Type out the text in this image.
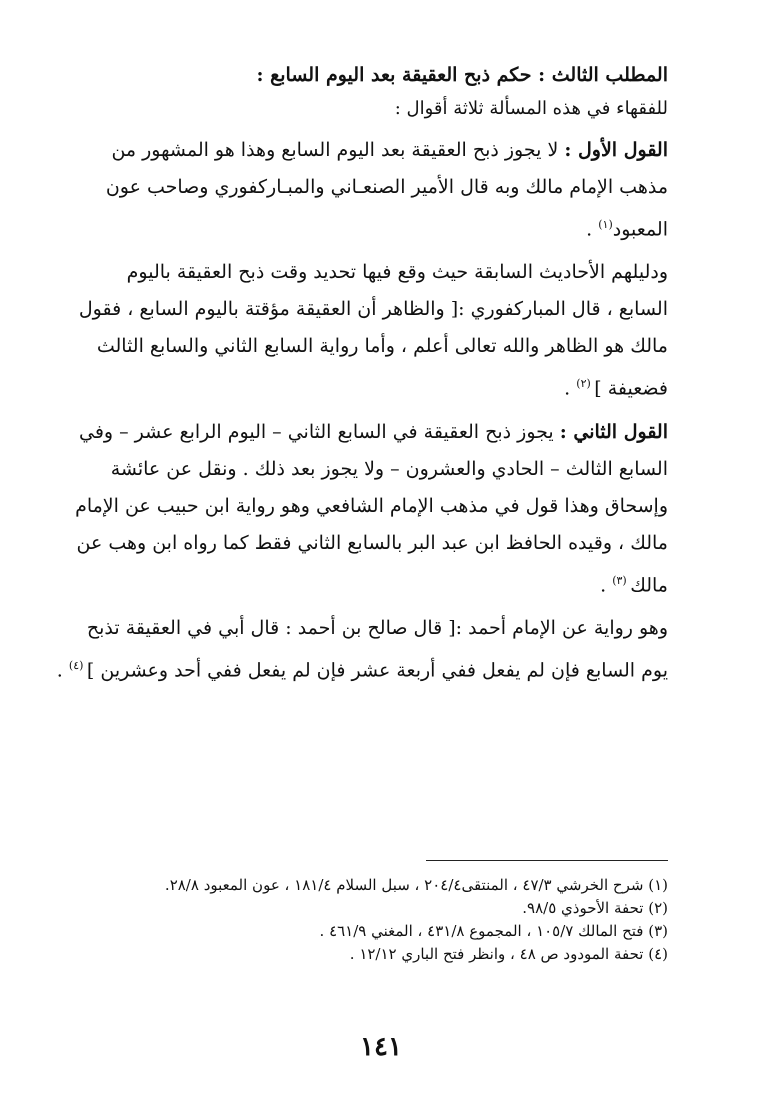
المطلب الثالث : حكم ذبح العقيقة بعد اليوم السابع :
للفقهاء في هذه المسألة ثلاثة أقوال :
القول الأول : لا يجوز ذبح العقيقة بعد اليوم السابع وهذا هو المشهور من
مذهب الإمام مالك وبه قال الأمير الصنعـاني والمبـاركفوري وصاحب عون
المعبود$^{(١)}$ .
ودليلهم الأحاديث السابقة حيث وقع فيها تحديد وقت ذبح العقيقة باليوم
السابع ، قال المباركفوري :[ والظاهر أن العقيقة مؤقتة باليوم السابع ، فقول
مالك هو الظاهر والله تعالى أعلم ، وأما رواية السابع الثاني والسابع الثالث
فضعيفة ] $^{(٢)}$ .
القول الثاني : يجوز ذبح العقيقة في السابع الثاني – اليوم الرابع عشر – وفي
السابع الثالث – الحادي والعشرون – ولا يجوز بعد ذلك . ونقل عن عائشة
وإسحاق وهذا قول في مذهب الإمام الشافعي وهو رواية ابن حبيب عن الإمام
مالك ، وقيده الحافظ ابن عبد البر بالسابع الثاني فقط كما رواه ابن وهب عن
مالك $^{(٣)}$ .
وهو رواية عن الإمام أحمد :[ قال صالح بن أحمد : قال أبي في العقيقة تذبح
يوم السابع فإن لم يفعل ففي أربعة عشر فإن لم يفعل ففي أحد وعشرين ] $^{(٤)}$ .
(١) شرح الخرشي ٤٧/٣ ، المنتقى٢٠٤/٤ ، سبل السلام ١٨١/٤ ، عون المعبود ٢٨/٨.
(٢) تحفة الأحوذي ٩٨/٥.
(٣) فتح المالك ١٠٥/٧ ، المجموع ٤٣١/٨ ، المغني ٤٦١/٩ .
(٤) تحفة المودود ص ٤٨ ، وانظر فتح الباري ١٢/١٢ .
١٤١
